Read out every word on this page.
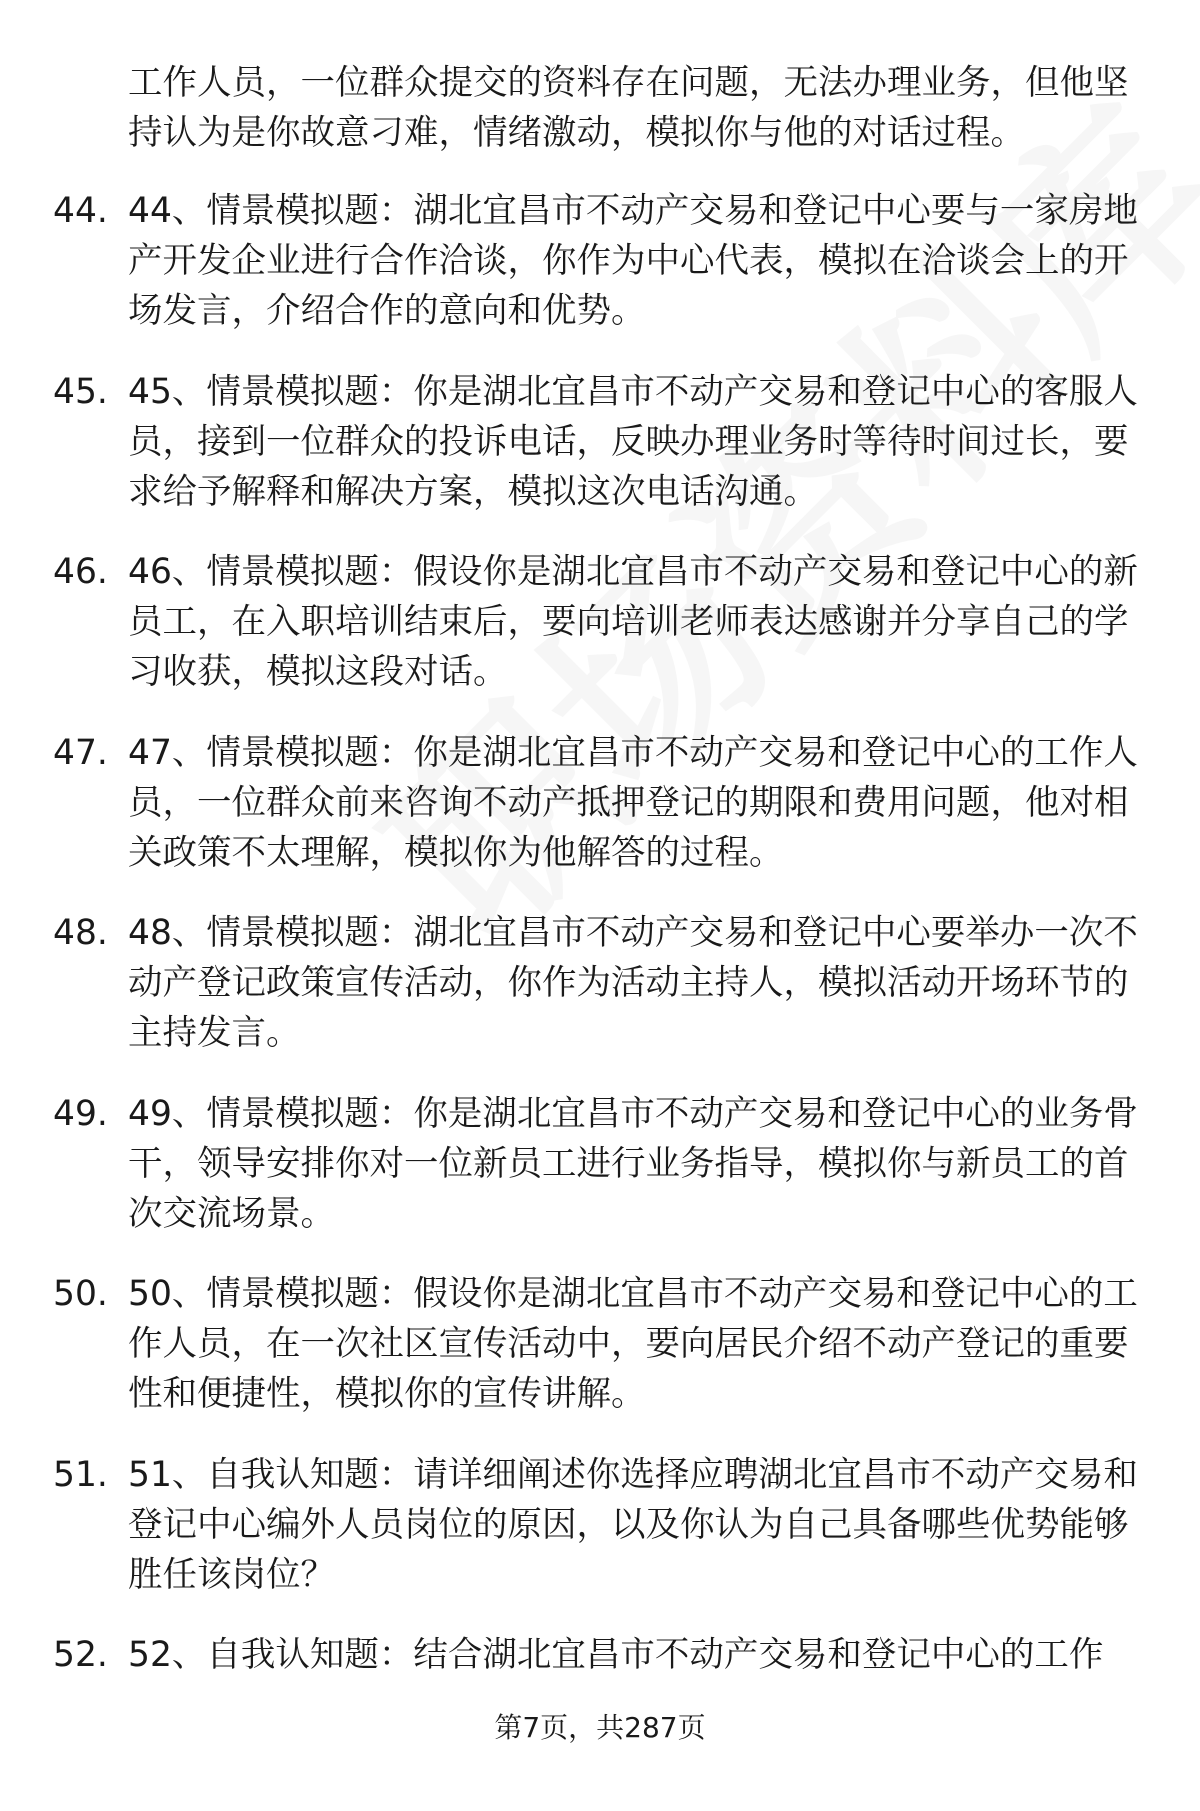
工作人员，一位群众提交的资料存在问题，无法办理业务，但他坚持认为是你故意刁难，情绪激动，模拟你与他的对话过程。
44. 44、情景模拟题：湖北宜昌市不动产交易和登记中心要与一家房地产开发企业进行合作洽谈，你作为中心代表，模拟在洽谈会上的开场发言，介绍合作的意向和优势。
45. 45、情景模拟题：你是湖北宜昌市不动产交易和登记中心的客服人员，接到一位群众的投诉电话，反映办理业务时等待时间过长，要求给予解释和解决方案，模拟这次电话沟通。
46. 46、情景模拟题：假设你是湖北宜昌市不动产交易和登记中心的新员工，在入职培训结束后，要向培训老师表达感谢并分享自己的学习收获，模拟这段对话。
47. 47、情景模拟题：你是湖北宜昌市不动产交易和登记中心的工作人员，一位群众前来咨询不动产抵押登记的期限和费用问题，他对相关政策不太理解，模拟你为他解答的过程。
48. 48、情景模拟题：湖北宜昌市不动产交易和登记中心要举办一次不动产登记政策宣传活动，你作为活动主持人，模拟活动开场环节的主持发言。
49. 49、情景模拟题：你是湖北宜昌市不动产交易和登记中心的业务骨干，领导安排你对一位新员工进行业务指导，模拟你与新员工的首次交流场景。
50. 50、情景模拟题：假设你是湖北宜昌市不动产交易和登记中心的工作人员，在一次社区宣传活动中，要向居民介绍不动产登记的重要性和便捷性，模拟你的宣传讲解。
51. 51、自我认知题：请详细阐述你选择应聘湖北宜昌市不动产交易和登记中心编外人员岗位的原因，以及你认为自己具备哪些优势能够胜任该岗位？
52. 52、自我认知题：结合湖北宜昌市不动产交易和登记中心的工作
第7页，共287页
